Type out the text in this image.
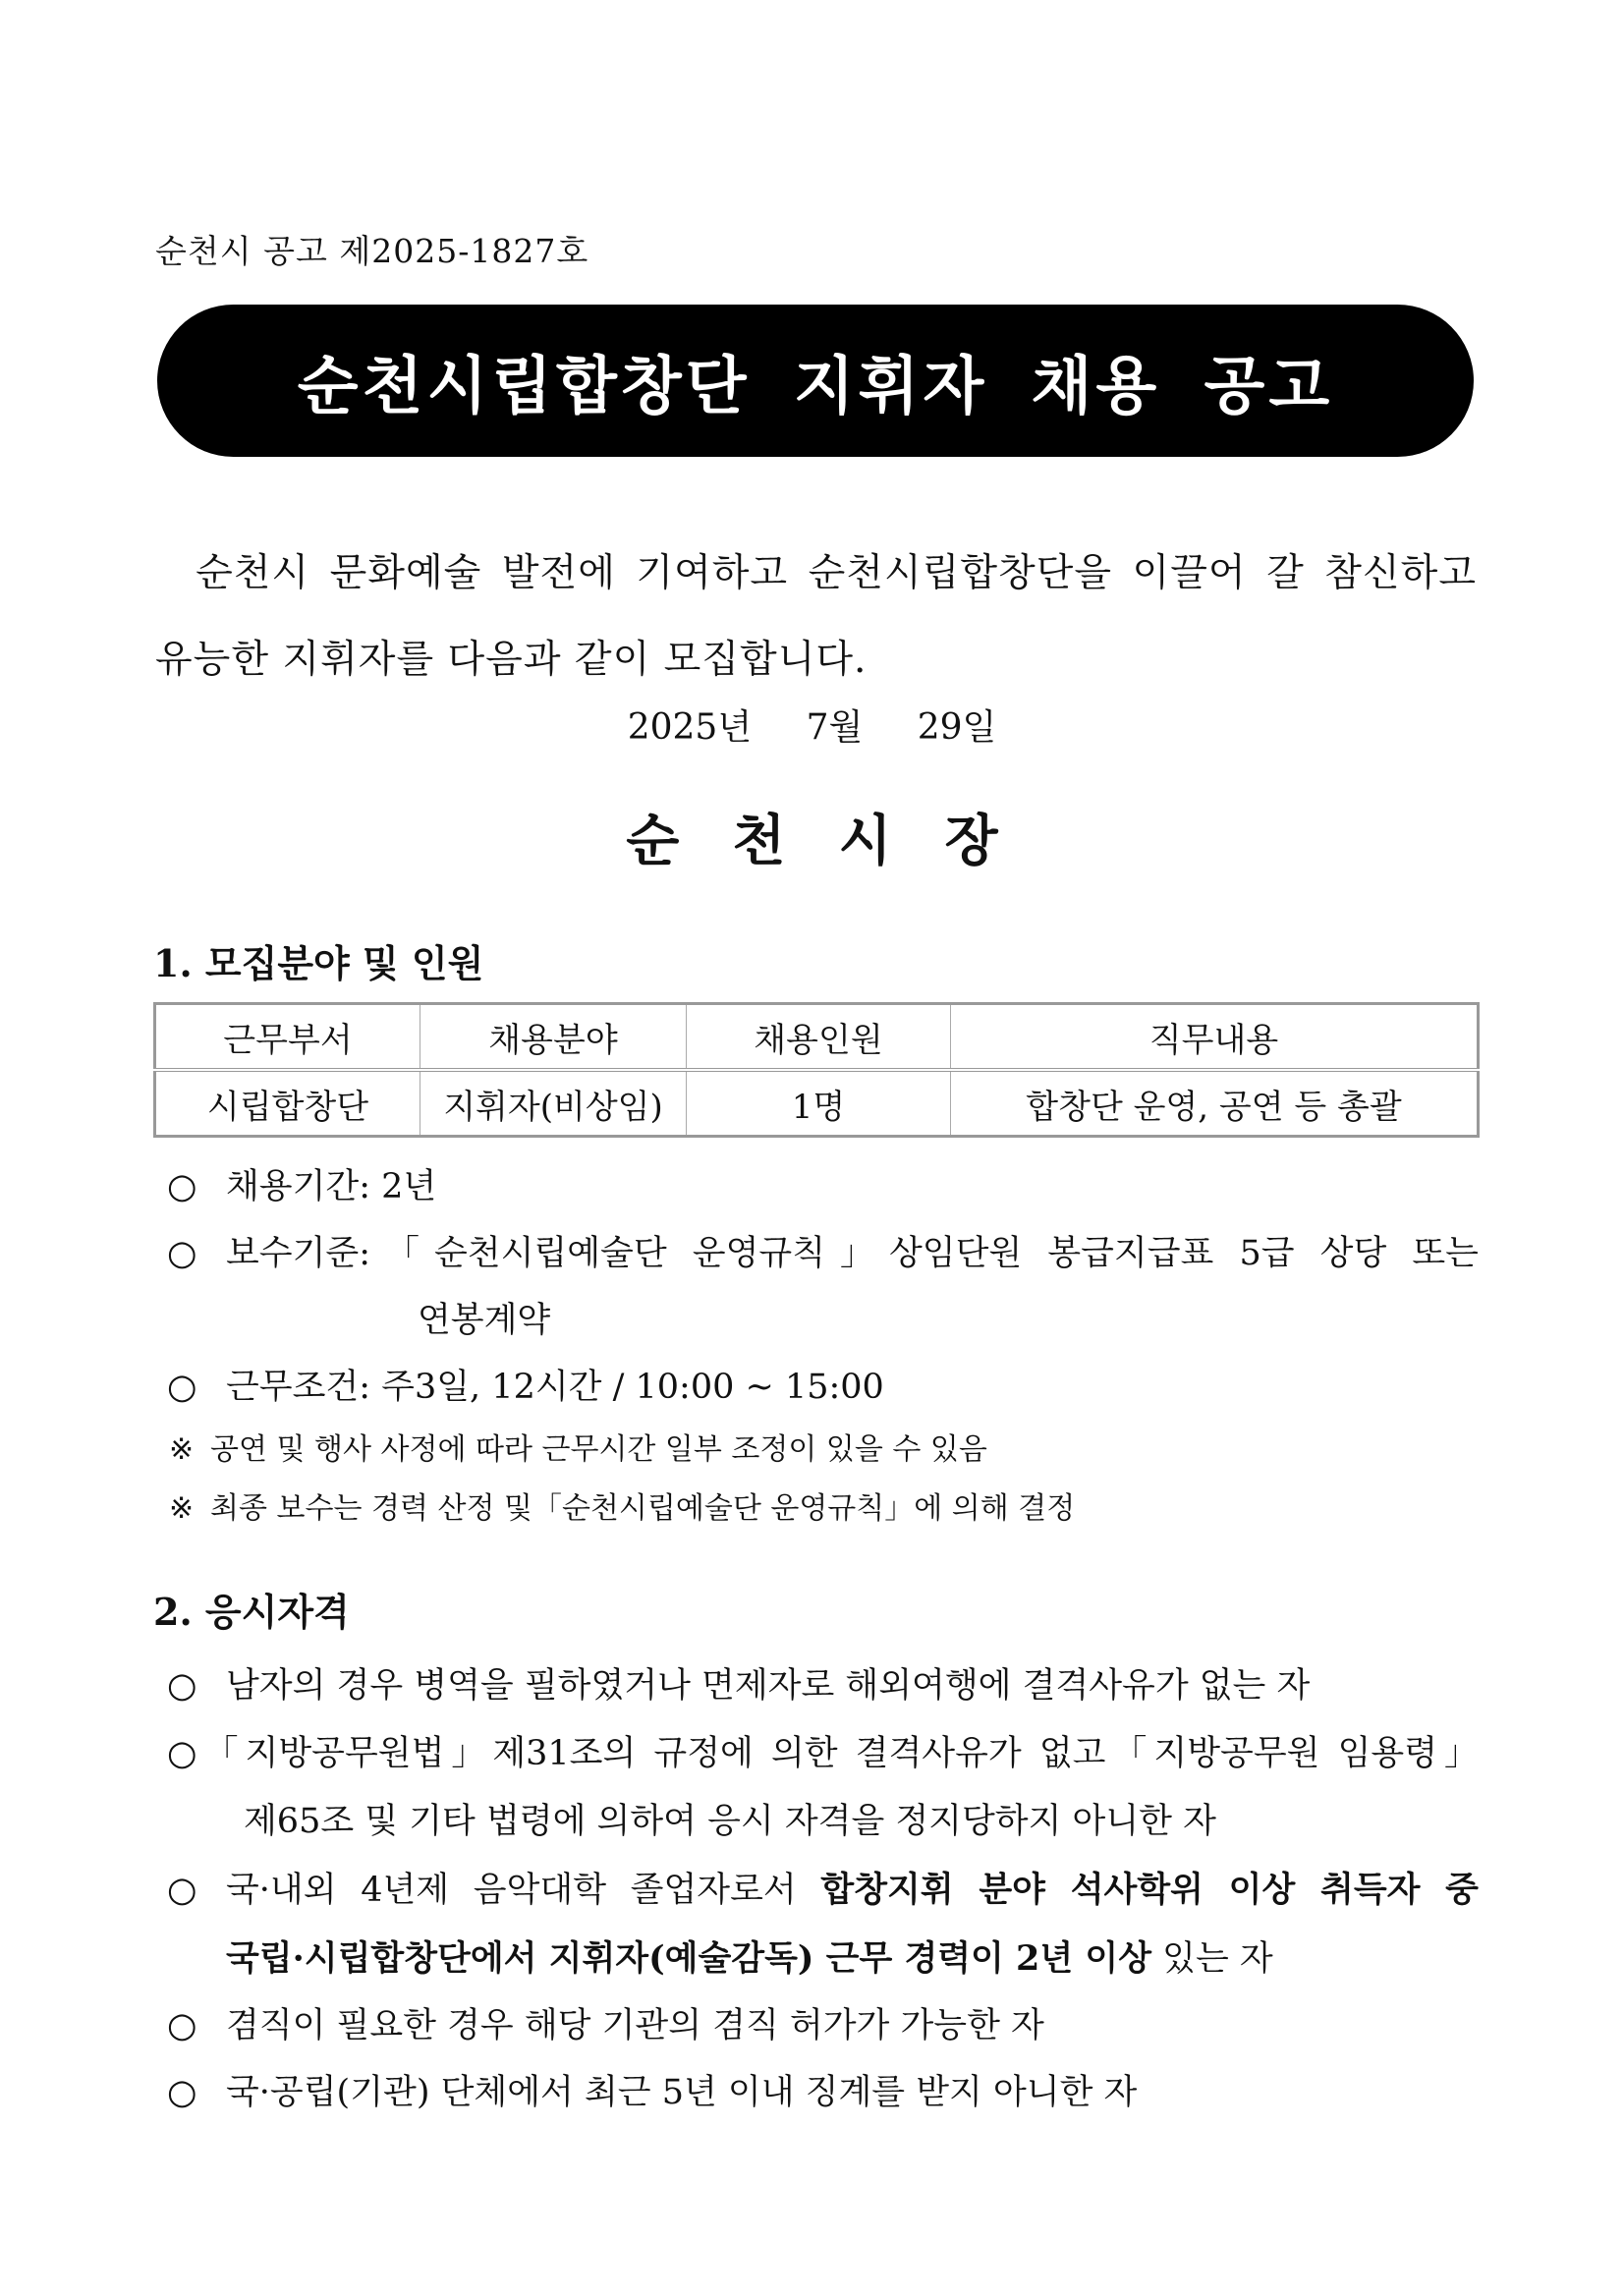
순천시 공고 제2025-1827호
순천시립합창단 지휘자 채용 공고

순천시 문화예술 발전에 기여하고 순천시립합창단을 이끌어 갈 참신하고

유능한 지휘자를 다음과 같이 모집합니다.

2025년 7월 29일
순 천 시 장
1. 모집분야 및 인원
근무부서	채용분야	채용인원	직무내용
시립합창단	지휘자(비상임)	1명	합창단 운영, 공연 등 총괄
○ 채용기간: 2년
○ 보수기준:「순천시립예술단 운영규칙」상임단원 봉급지급표 5급 상당 또는
연봉계약
○ 근무조건: 주3일, 12시간 / 10:00 ~ 15:00
※ 공연 및 행사 사정에 따라 근무시간 일부 조정이 있을 수 있음
※ 최종 보수는 경력 산정 및「순천시립예술단 운영규칙」에 의해 결정
2. 응시자격
○ 남자의 경우 병역을 필하였거나 면제자로 해외여행에 결격사유가 없는 자
○「지방공무원법」제31조의 규정에 의한 결격사유가 없고「지방공무원 임용령」
제65조 및 기타 법령에 의하여 응시 자격을 정지당하지 아니한 자
○ 국·내외 4년제 음악대학 졸업자로서 합창지휘 분야 석사학위 이상 취득자 중
국립·시립합창단에서 지휘자(예술감독) 근무 경력이 2년 이상 있는 자
○ 겸직이 필요한 경우 해당 기관의 겸직 허가가 가능한 자
○ 국·공립(기관) 단체에서 최근 5년 이내 징계를 받지 아니한 자
